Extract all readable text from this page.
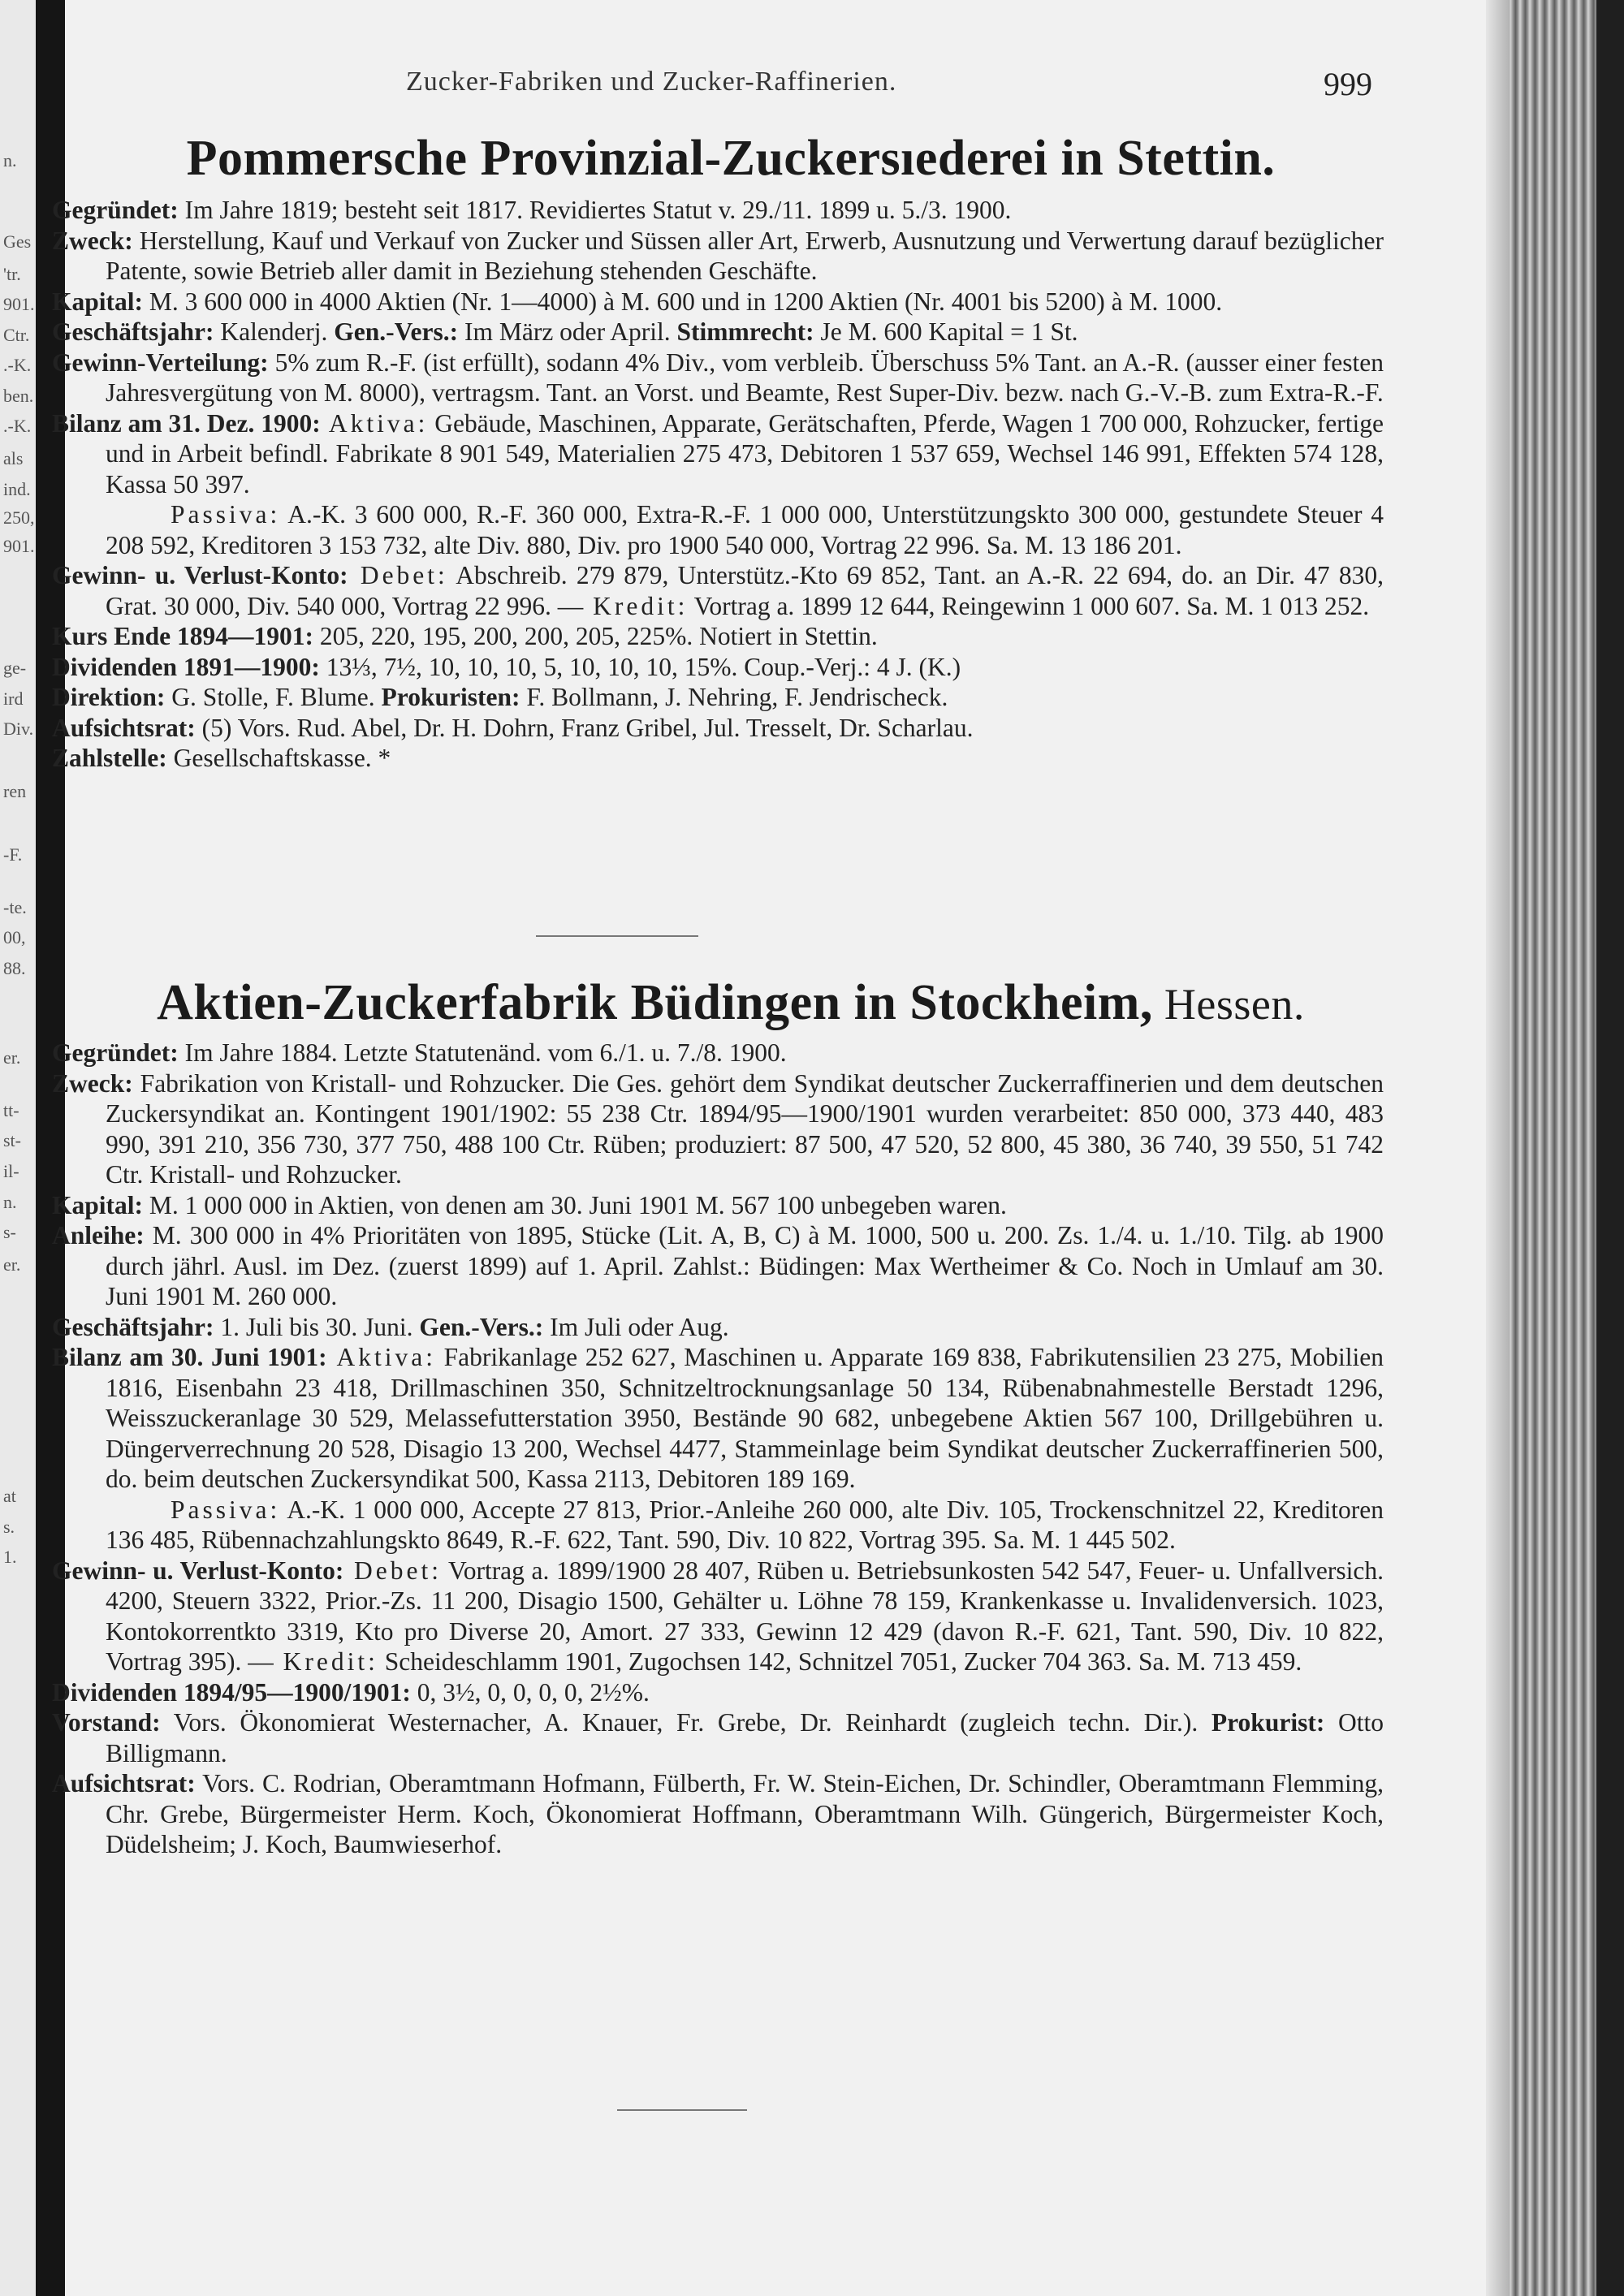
n.
Ges
'tr.
901.
Ctr.
.-K.
ben.
.-K.
als
ind.
250,
901.
ge-
ird
Div.
ren
-F.
-te.
00,
88.
er.
tt-
st-
il-
n.
s-
er.
at
s.
1.
Zucker-Fabriken und Zucker-Raffinerien.	999
Pommersche Provinzial-Zuckersıederei in Stettin.

Gegründet: Im Jahre 1819; besteht seit 1817. Revidiertes Statut v. 29./11. 1899 u. 5./3. 1900.

Zweck: Herstellung, Kauf und Verkauf von Zucker und Süssen aller Art, Erwerb, Ausnutzung und Verwertung darauf bezüglicher Patente, sowie Betrieb aller damit in Beziehung stehenden Geschäfte.

Kapital: M. 3 600 000 in 4000 Aktien (Nr. 1—4000) à M. 600 und in 1200 Aktien (Nr. 4001 bis 5200) à M. 1000.

Geschäftsjahr: Kalenderj. Gen.-Vers.: Im März oder April. Stimmrecht: Je M. 600 Kapital = 1 St.

Gewinn-Verteilung: 5% zum R.-F. (ist erfüllt), sodann 4% Div., vom verbleib. Überschuss 5% Tant. an A.-R. (ausser einer festen Jahresvergütung von M. 8000), vertragsm. Tant. an Vorst. und Beamte, Rest Super-Div. bezw. nach G.-V.-B. zum Extra-R.-F.

Bilanz am 31. Dez. 1900: Aktiva: Gebäude, Maschinen, Apparate, Gerätschaften, Pferde, Wagen 1 700 000, Rohzucker, fertige und in Arbeit befindl. Fabrikate 8 901 549, Materialien 275 473, Debitoren 1 537 659, Wechsel 146 991, Effekten 574 128, Kassa 50 397.

Passiva: A.-K. 3 600 000, R.-F. 360 000, Extra-R.-F. 1 000 000, Unterstützungskto 300 000, gestundete Steuer 4 208 592, Kreditoren 3 153 732, alte Div. 880, Div. pro 1900 540 000, Vortrag 22 996. Sa. M. 13 186 201.

Gewinn- u. Verlust-Konto: Debet: Abschreib. 279 879, Unterstütz.-Kto 69 852, Tant. an A.-R. 22 694, do. an Dir. 47 830, Grat. 30 000, Div. 540 000, Vortrag 22 996. — Kredit: Vortrag a. 1899 12 644, Reingewinn 1 000 607. Sa. M. 1 013 252.

Kurs Ende 1894—1901: 205, 220, 195, 200, 200, 205, 225%. Notiert in Stettin.

Dividenden 1891—1900: 13⅓, 7½, 10, 10, 10, 5, 10, 10, 10, 15%. Coup.-Verj.: 4 J. (K.)

Direktion: G. Stolle, F. Blume. Prokuristen: F. Bollmann, J. Nehring, F. Jendrischeck.

Aufsichtsrat: (5) Vors. Rud. Abel, Dr. H. Dohrn, Franz Gribel, Jul. Tresselt, Dr. Scharlau.

Zahlstelle: Gesellschaftskasse. *

Aktien-Zuckerfabrik Büdingen in Stockheim, Hessen.

Gegründet: Im Jahre 1884. Letzte Statutenänd. vom 6./1. u. 7./8. 1900.

Zweck: Fabrikation von Kristall- und Rohzucker. Die Ges. gehört dem Syndikat deutscher Zuckerraffinerien und dem deutschen Zuckersyndikat an. Kontingent 1901/1902: 55 238 Ctr. 1894/95—1900/1901 wurden verarbeitet: 850 000, 373 440, 483 990, 391 210, 356 730, 377 750, 488 100 Ctr. Rüben; produziert: 87 500, 47 520, 52 800, 45 380, 36 740, 39 550, 51 742 Ctr. Kristall- und Rohzucker.

Kapital: M. 1 000 000 in Aktien, von denen am 30. Juni 1901 M. 567 100 unbegeben waren.

Anleihe: M. 300 000 in 4% Prioritäten von 1895, Stücke (Lit. A, B, C) à M. 1000, 500 u. 200. Zs. 1./4. u. 1./10. Tilg. ab 1900 durch jährl. Ausl. im Dez. (zuerst 1899) auf 1. April. Zahlst.: Büdingen: Max Wertheimer & Co. Noch in Umlauf am 30. Juni 1901 M. 260 000.

Geschäftsjahr: 1. Juli bis 30. Juni. Gen.-Vers.: Im Juli oder Aug.

Bilanz am 30. Juni 1901: Aktiva: Fabrikanlage 252 627, Maschinen u. Apparate 169 838, Fabrikutensilien 23 275, Mobilien 1816, Eisenbahn 23 418, Drillmaschinen 350, Schnitzeltrocknungsanlage 50 134, Rübenabnahmestelle Berstadt 1296, Weisszuckeranlage 30 529, Melassefutterstation 3950, Bestände 90 682, unbegebene Aktien 567 100, Drillgebühren u. Düngerverrechnung 20 528, Disagio 13 200, Wechsel 4477, Stammeinlage beim Syndikat deutscher Zuckerraffinerien 500, do. beim deutschen Zuckersyndikat 500, Kassa 2113, Debitoren 189 169.

Passiva: A.-K. 1 000 000, Accepte 27 813, Prior.-Anleihe 260 000, alte Div. 105, Trockenschnitzel 22, Kreditoren 136 485, Rübennachzahlungskto 8649, R.-F. 622, Tant. 590, Div. 10 822, Vortrag 395. Sa. M. 1 445 502.

Gewinn- u. Verlust-Konto: Debet: Vortrag a. 1899/1900 28 407, Rüben u. Betriebsunkosten 542 547, Feuer- u. Unfallversich. 4200, Steuern 3322, Prior.-Zs. 11 200, Disagio 1500, Gehälter u. Löhne 78 159, Krankenkasse u. Invalidenversich. 1023, Kontokorrentkto 3319, Kto pro Diverse 20, Amort. 27 333, Gewinn 12 429 (davon R.-F. 621, Tant. 590, Div. 10 822, Vortrag 395). — Kredit: Scheideschlamm 1901, Zugochsen 142, Schnitzel 7051, Zucker 704 363. Sa. M. 713 459.

Dividenden 1894/95—1900/1901: 0, 3½, 0, 0, 0, 0, 2½%.

Vorstand: Vors. Ökonomierat Westernacher, A. Knauer, Fr. Grebe, Dr. Reinhardt (zugleich techn. Dir.). Prokurist: Otto Billigmann.

Aufsichtsrat: Vors. C. Rodrian, Oberamtmann Hofmann, Fülberth, Fr. W. Stein-Eichen, Dr. Schindler, Oberamtmann Flemming, Chr. Grebe, Bürgermeister Herm. Koch, Ökonomierat Hoffmann, Oberamtmann Wilh. Güngerich, Bürgermeister Koch, Düdelsheim; J. Koch, Baumwieserhof.
